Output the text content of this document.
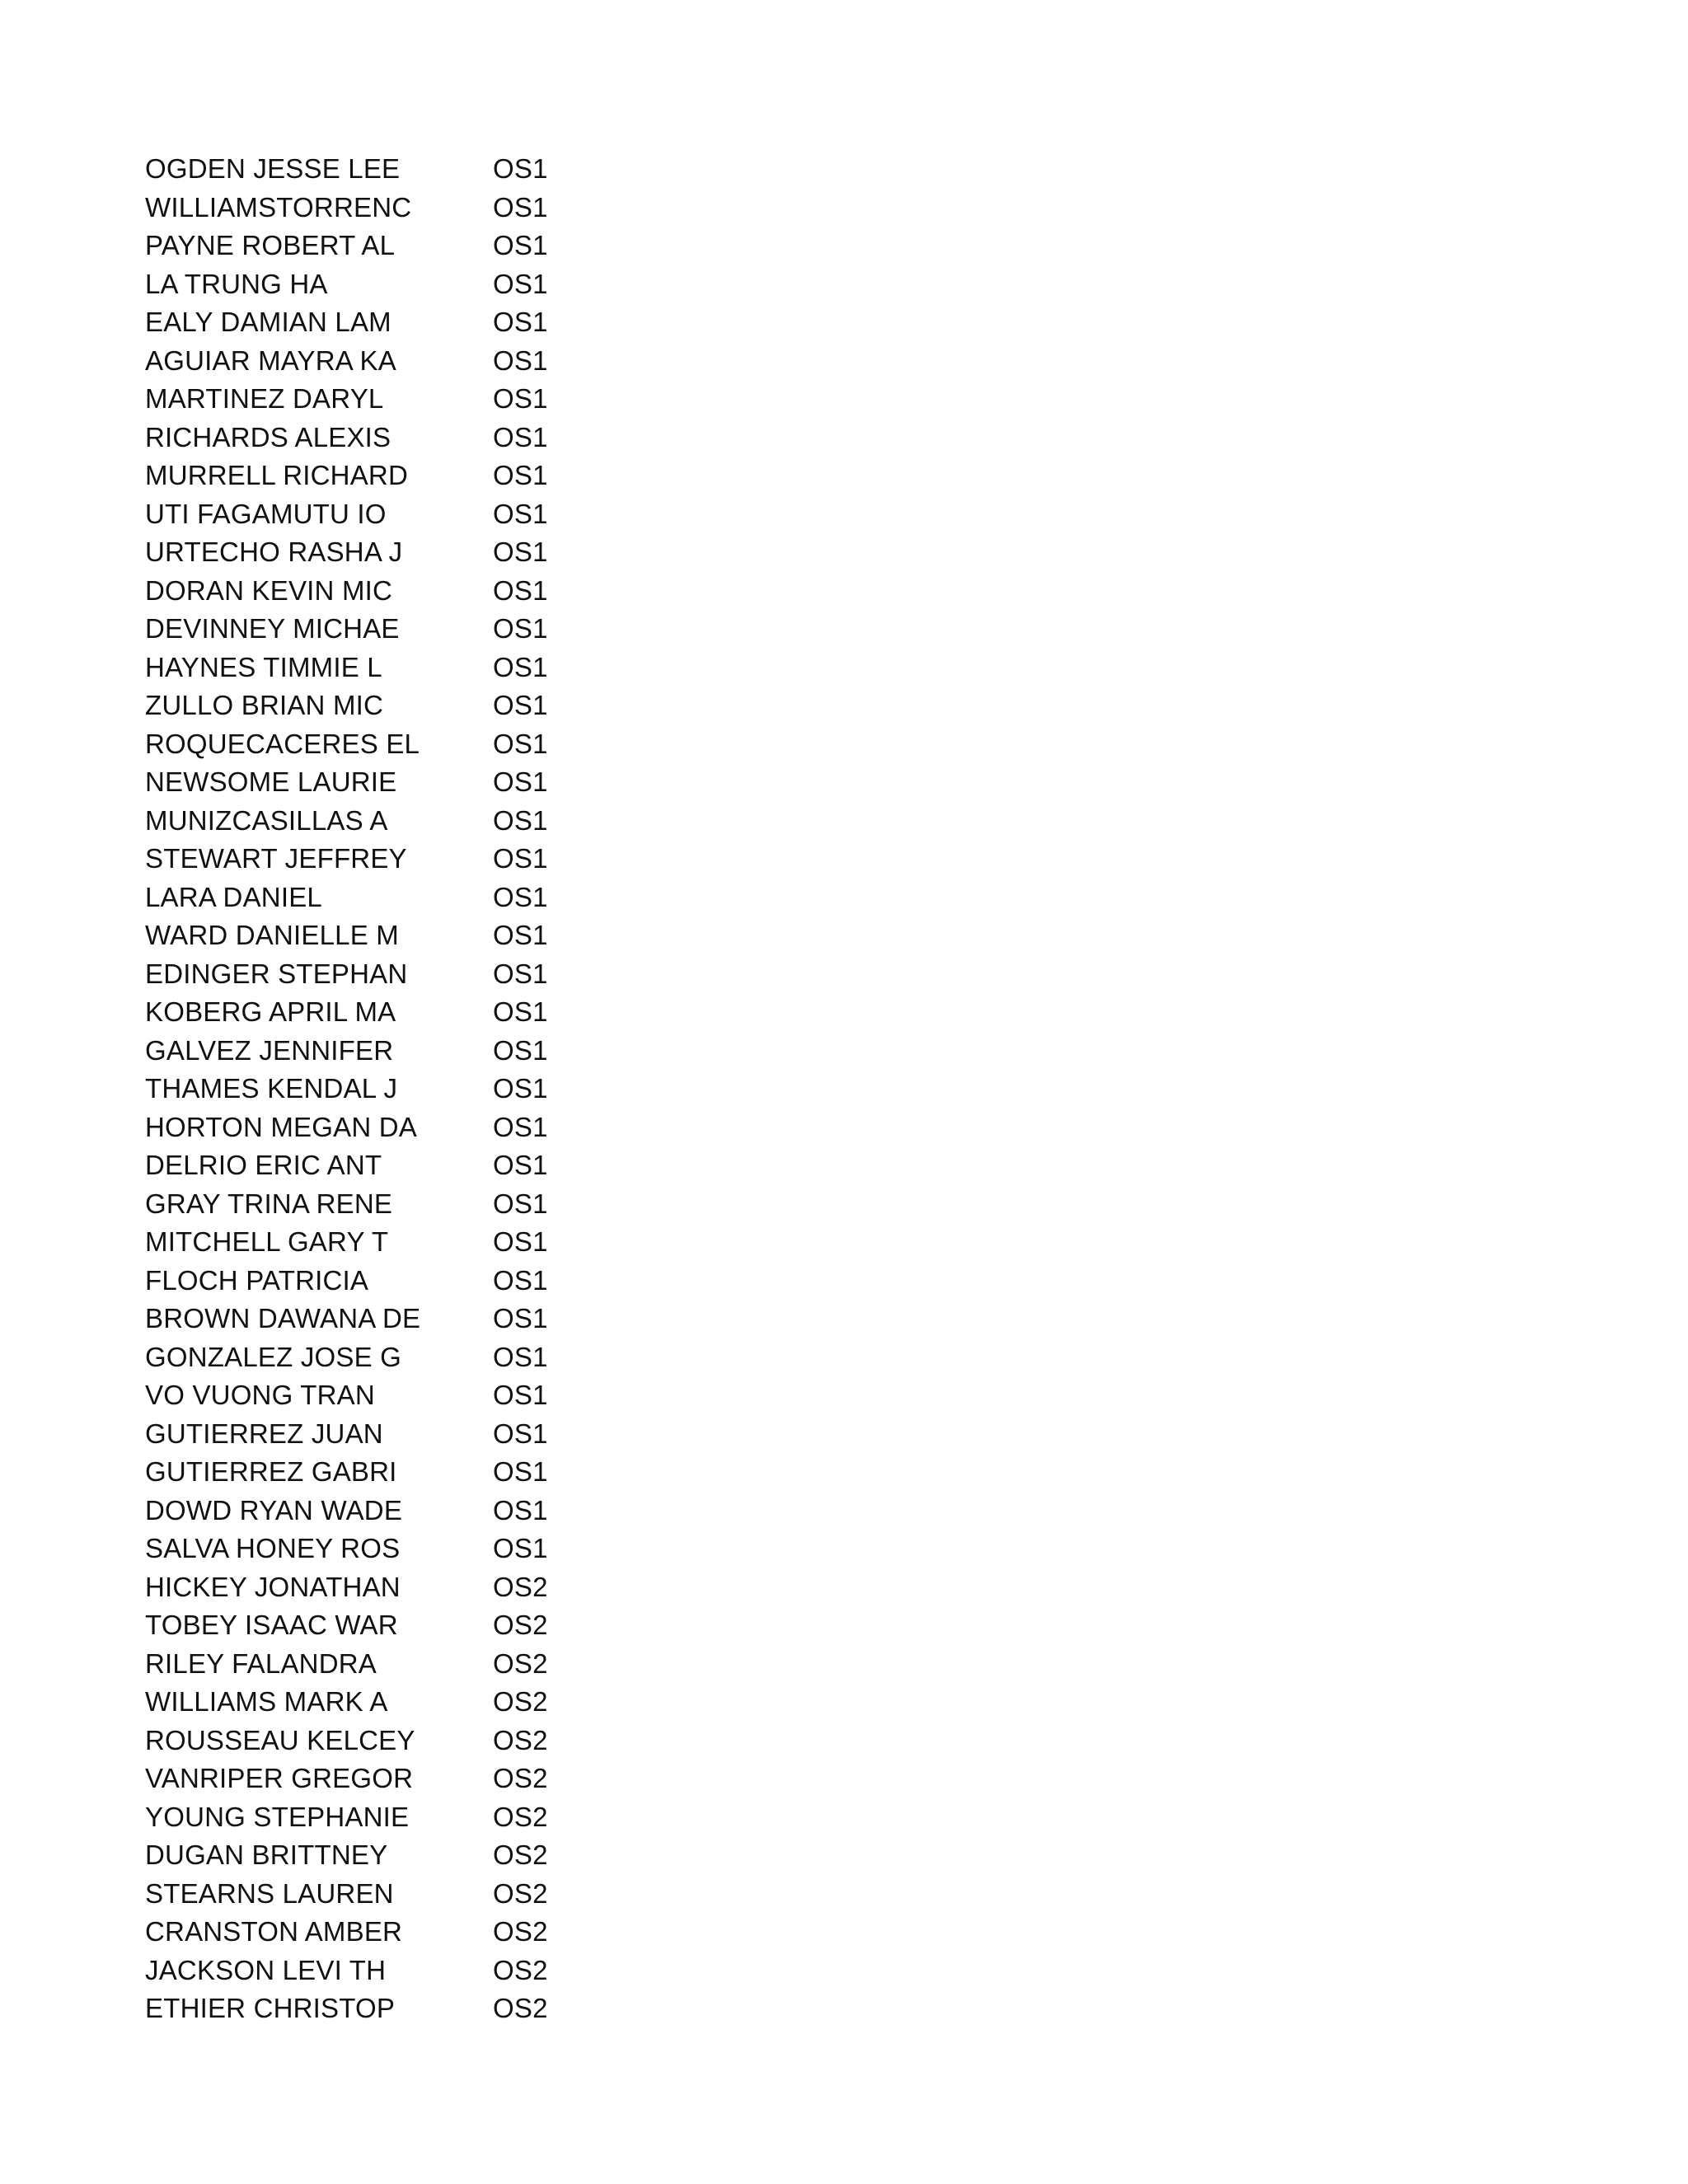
OGDEN JESSE LEE	OS1
WILLIAMSTORRENC	OS1
PAYNE ROBERT AL	OS1
LA TRUNG HA	OS1
EALY DAMIAN LAM	OS1
AGUIAR MAYRA KA	OS1
MARTINEZ DARYL	OS1
RICHARDS ALEXIS	OS1
MURRELL RICHARD	OS1
UTI FAGAMUTU IO	OS1
URTECHO RASHA J	OS1
DORAN KEVIN MIC	OS1
DEVINNEY MICHAE	OS1
HAYNES TIMMIE L	OS1
ZULLO BRIAN MIC	OS1
ROQUECACERES EL	OS1
NEWSOME LAURIE	OS1
MUNIZCASILLAS A	OS1
STEWART JEFFREY	OS1
LARA DANIEL	OS1
WARD DANIELLE M	OS1
EDINGER STEPHAN	OS1
KOBERG APRIL MA	OS1
GALVEZ JENNIFER	OS1
THAMES KENDAL J	OS1
HORTON MEGAN DA	OS1
DELRIO ERIC ANT	OS1
GRAY TRINA RENE	OS1
MITCHELL GARY T	OS1
FLOCH PATRICIA	OS1
BROWN DAWANA DE	OS1
GONZALEZ JOSE G	OS1
VO VUONG TRAN	OS1
GUTIERREZ JUAN	OS1
GUTIERREZ GABRI	OS1
DOWD RYAN WADE	OS1
SALVA HONEY ROS	OS1
HICKEY JONATHAN	OS2
TOBEY ISAAC WAR	OS2
RILEY FALANDRA	OS2
WILLIAMS MARK A	OS2
ROUSSEAU KELCEY	OS2
VANRIPER GREGOR	OS2
YOUNG STEPHANIE	OS2
DUGAN BRITTNEY	OS2
STEARNS LAUREN	OS2
CRANSTON AMBER	OS2
JACKSON LEVI TH	OS2
ETHIER CHRISTOP	OS2
